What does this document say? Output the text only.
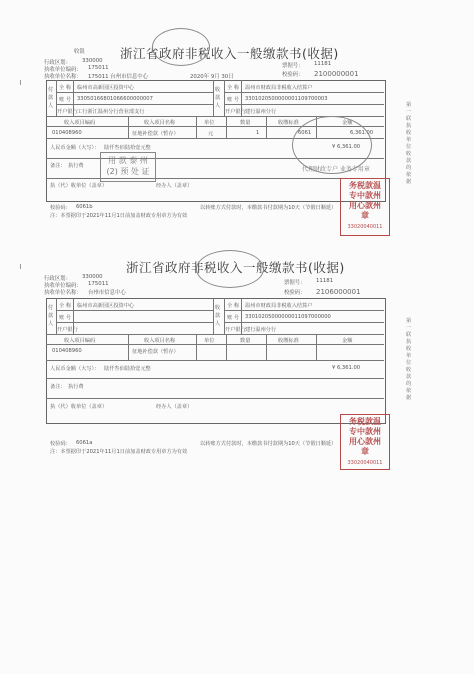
浙江省政府非税收入一般缴款书(收据)
收银
行政区划： 330000
执收单位编码： 175011
执收单位名称： 175011 台州市信息中心	2020年 9月 30日
票据号： 11181
校验码： 2100000001
付款人
全 称 临州市高新园区投资中心
账 号 33050166801066600000007
开户银行 工行浙江温州分行营业部支行
收款人
全 称 温州市财政局非税收入结算户
账 号 3301020500000001109700003
开户银行 建行温州分行
收入项目编码	收入项目名称	单位	数量	收缴标准	金额
010408960	征地补偿款（暂存）	元	1	6061	6,361.00
人民币金额（大写）： 陆仟叁佰陆拾壹元整	¥ 6,361.00
备注： 执行费
执（代）收单位（盖章）	经办人（盖章）
校验码： 6061b	以转账方式付款时，本缴款书付款期为10天（节假日顺延）
注：本票据印于2021年11月1日前加盖财政专用章方为有效
代理财政专户 业务专用章
用 款 泰 州
(2) 预 处 证
务税款温
专中款州
用心款州
章
33020040011
第一联 执收单位收款的依据
浙江省政府非税收入一般缴款书(收据)
行政区划： 330000
执收单位编码： 175011
执收单位名称： 台州市信息中心
票据号： 11181
校验码： 2106000001
付款人
全 称 临州市高新园区投资中心
账 号
开户银行
收款人
全 称 温州市财政局非税收入结算户
账 号 33010205000000011097000000
开户银行 建行温州分行
收入项目编码	收入项目名称	单位	数量	收缴标准	金额
010408960	征地补偿款（暂存）
人民币金额（大写）： 陆仟叁佰陆拾壹元整	¥ 6,361.00
备注： 执行费
执（代）收单位（盖章）	经办人（盖章）
校验码： 6061a	以转账方式付款时，本缴款书付款期为10天（节假日顺延）
注：本票据印于2021年11月1日前加盖财政专用章方为有效
务税款温
专中款州
用心款州
章
33020040011
第一联 执收单位收款的依据
